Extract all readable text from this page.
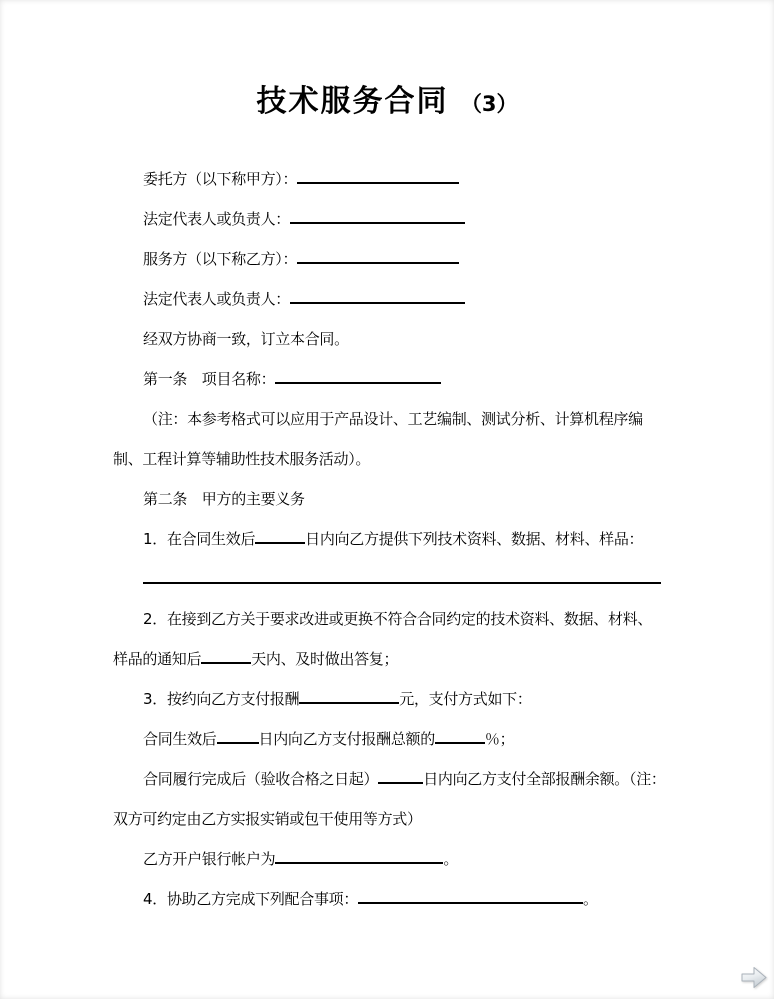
技术服务合同 （3）
委托方（以下称甲方）：
法定代表人或负责人：
服务方（以下称乙方）：
法定代表人或负责人：
经双方协商一致，订立本合同。
第一条　项目名称：
（注：本参考格式可以应用于产品设计、工艺编制、测试分析、计算机程序编
制、工程计算等辅助性技术服务活动）。
第二条　甲方的主要义务
1．在合同生效后	日内向乙方提供下列技术资料、数据、材料、样品：
2．在接到乙方关于要求改进或更换不符合合同约定的技术资料、数据、材料、
样品的通知后	天内、及时做出答复；
3．按约向乙方支付报酬	元，支付方式如下：
合同生效后	日内向乙方支付报酬总额的	％；
合同履行完成后（验收合格之日起）	日内向乙方支付全部报酬余额。（注：
双方可约定由乙方实报实销或包干使用等方式）
乙方开户银行帐户为	。
4．协助乙方完成下列配合事项：	。
